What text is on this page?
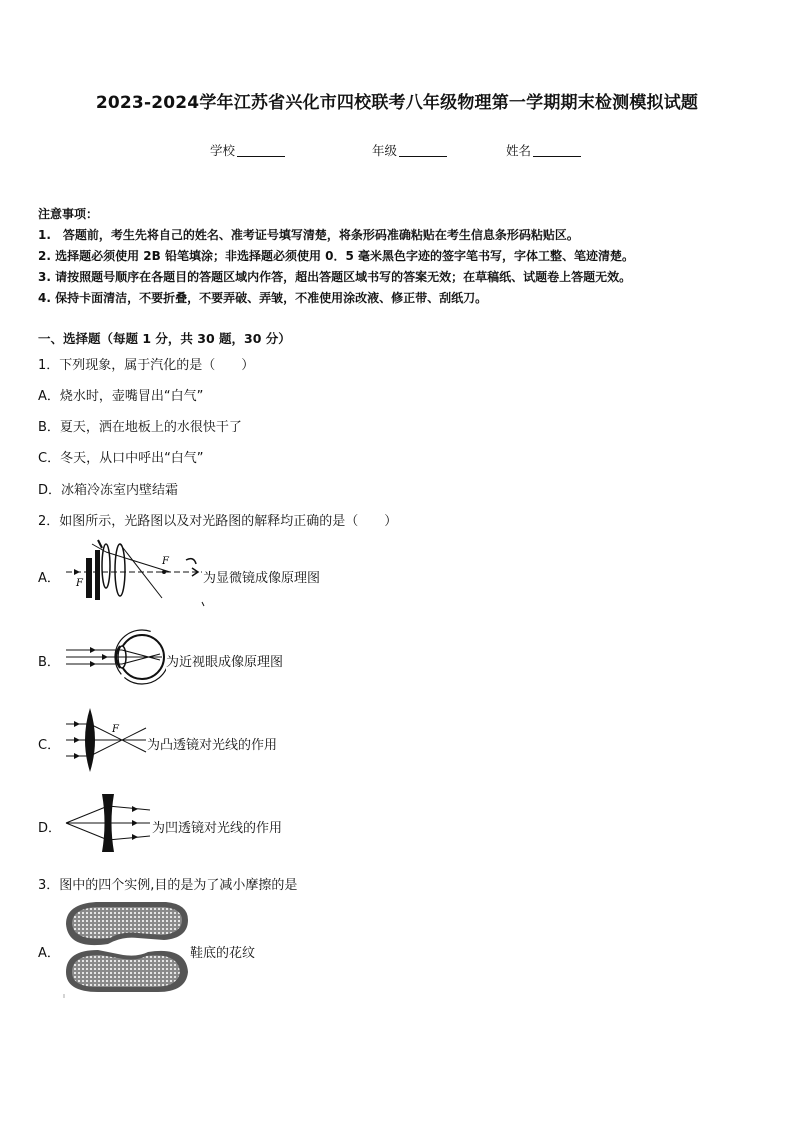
2023-2024学年江苏省兴化市四校联考八年级物理第一学期期末检测模拟试题
学校	年级	姓名
注意事项：
1.　答题前，考生先将自己的姓名、准考证号填写清楚，将条形码准确粘贴在考生信息条形码粘贴区。
2. 选择题必须使用 2B 铅笔填涂；非选择题必须使用 0．5 毫米黑色字迹的签字笔书写，字体工整、笔迹清楚。
3. 请按照题号顺序在各题目的答题区域内作答，超出答题区域书写的答案无效；在草稿纸、试题卷上答题无效。
4. 保持卡面清洁，不要折叠，不要弄破、弄皱，不准使用涂改液、修正带、刮纸刀。
一、选择题（每题 1 分，共 30 题，30 分）
1．下列现象，属于汽化的是（　　）
A．烧水时，壶嘴冒出“白气”
B．夏天，洒在地板上的水很快干了
C．冬天，从口中呼出“白气”
D．冰箱冷冻室内壁结霜
2．如图所示，光路图以及对光路图的解释均正确的是（　　）
A． F
F
为显微镜成像原理图
B．	为近视眼成像原理图
C．
F
为凸透镜对光线的作用
D．	为凹透镜对光线的作用
3．图中的四个实例,目的是为了减小摩擦的是
A．	鞋底的花纹
